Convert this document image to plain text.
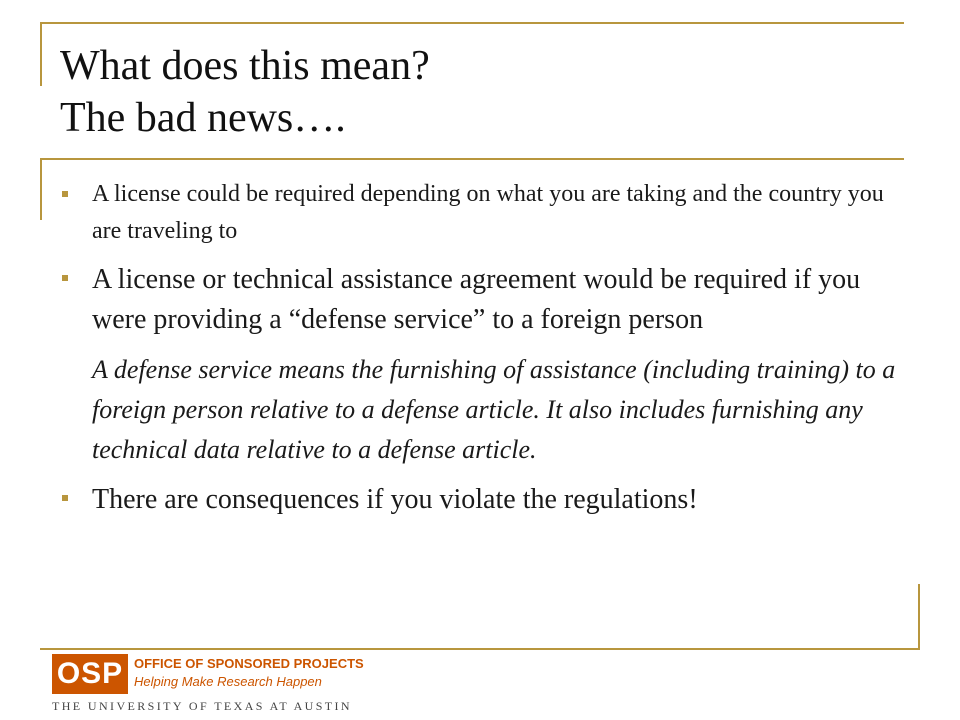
What does this mean?
The bad news….
A license could be required depending on what you are taking and the country you are traveling to
A license or technical assistance agreement would be required if you were providing a “defense service” to a foreign person
A defense service means the furnishing of assistance (including training) to a foreign person relative to a defense article. It also includes furnishing any technical data relative to a defense article.
There are consequences if you violate the regulations!
OSP OFFICE OF SPONSORED PROJECTS
Helping Make Research Happen
THE UNIVERSITY OF TEXAS AT AUSTIN
